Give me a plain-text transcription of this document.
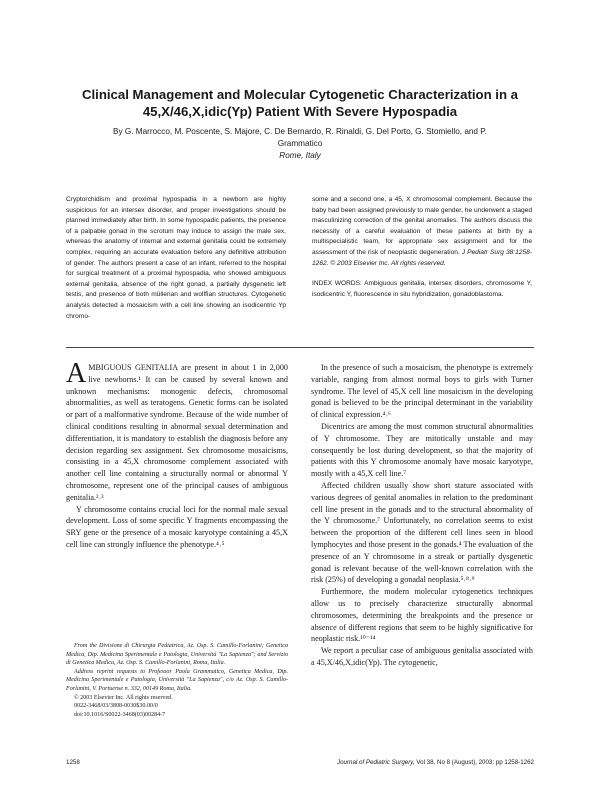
Clinical Management and Molecular Cytogenetic Characterization in a 45,X/46,X,idic(Yp) Patient With Severe Hypospadia
By G. Marrocco, M. Poscente, S. Majore, C. De Bernardo, R. Rinaldi, G. Del Porto, G. Stomiello, and P. Grammatico
Rome, Italy
Cryptorchidism and proximal hypospadia in a newborn are highly suspicious for an intersex disorder, and proper investigations should be planned immediately after birth. In some hypospadic patients, the presence of a palpable gonad in the scrotum may induce to assign the male sex, whereas the anatomy of internal and external genitalia could be extremely complex, requiring an accurate evaluation before any definitive attribution of gender. The authors present a case of an infant, referred to the hospital for surgical treatment of a proximal hypospadia, who showed ambiguous external genitalia, absence of the right gonad, a partially dysgenetic left testis, and presence of both müllerian and wolffian structures. Cytogenetic analysis detected a mosaicism with a cell line showing an isodicentric Yp chromo-

some and a second one, a 45, X chromosomal complement. Because the baby had been assigned previously to male gender, he underwent a staged masculinizing correction of the genital anomalies. The authors discuss the necessity of a careful evaluation of these patients at birth by a multispecialistic team, for appropriate sex assignment and for the assessment of the risk of neoplastic degeneration. J Pediatr Surg 38:1258-1262. © 2003 Elsevier Inc. All rights reserved.

INDEX WORDS: Ambiguous genitalia, intersex disorders, chromosome Y, isodicentric Y, fluorescence in situ hybridization, gonadoblastoma.

AMBIGUOUS GENITALIA are present in about 1 in 2,000 live newborns.¹ It can be caused by several known and unknown mechanisms: monogenic defects, chromosomal abnormalities, as well as teratogens. Genetic forms can be isolated or part of a malformative syndrome. Because of the wide number of clinical conditions resulting in abnormal sexual determination and differentiation, it is mandatory to establish the diagnosis before any decision regarding sex assignment. Sex chromosome mosaicisms, consisting in a 45,X chromosome complement associated with another cell line containing a structurally normal or abnormal Y chromosome, represent one of the principal causes of ambiguous genitalia.²˒³

Y chromosome contains crucial loci for the normal male sexual development. Loss of some specific Y fragments encompassing the SRY gene or the presence of a mosaic karyotype containing a 45,X cell line can strongly influence the phenotype.⁴˒⁵

From the Divisione di Chirurgia Pediatrica, Az. Osp. S. Camillo-Forlanini; Genetica Medica, Dip. Medicina Sperimentale e Patologia, Università "La Sapienza"; and Servizio di Genetica Medica, Az. Osp. S. Camillo-Forlanini, Roma, Italia.

Address reprint requests to Professor Paola Grammatico, Genetica Medica, Dip. Medicina Sperimentale e Patologia, Università "La Sapienza", c/o Az. Osp. S. Camillo-Forlanini, V. Portuense n. 332, 00149 Roma, Italia.

© 2003 Elsevier Inc. All rights reserved.

0022-3468/03/3808-0030$30.00/0

doi:10.1016/S0022-3468(03)00284-7

In the presence of such a mosaicism, the phenotype is extremely variable, ranging from almost normal boys to girls with Turner syndrome. The level of 45,X cell line mosaicism in the developing gonad is believed to be the principal determinant in the variability of clinical expression.⁴˒⁶

Dicentrics are among the most common structural abnormalities of Y chromosome. They are mitotically unstable and may consequently be lost during development, so that the majority of patients with this Y chromosome anomaly have mosaic karyotype, mostly with a 45,X cell line.⁷

Affected children usually show short stature associated with various degrees of genital anomalies in relation to the predominant cell line present in the gonads and to the structural abnormality of the Y chromosome.⁷ Unfortunately, no correlation seems to exist between the proportion of the different cell lines seen in blood lymphocytes and those present in the gonads.⁴ The evaluation of the presence of an Y chromosome in a streak or partially dysgenetic gonad is relevant because of the well-known correlation with the risk (25%) of developing a gonadal neoplasia.⁵˒⁸˒⁹

Furthermore, the modern molecular cytogenetics techniques allow us to precisely characterize structurally abnormal chromosomes, determining the breakpoints and the presence or absence of different regions that seem to be highly significative for neoplastic risk.¹⁰⁻¹⁴

We report a peculiar case of ambiguous genitalia associated with a 45,X/46,X,idic(Yp). The cytogenetic,

1258	Journal of Pediatric Surgery, Vol 38, No 8 (August), 2003: pp 1258-1262
